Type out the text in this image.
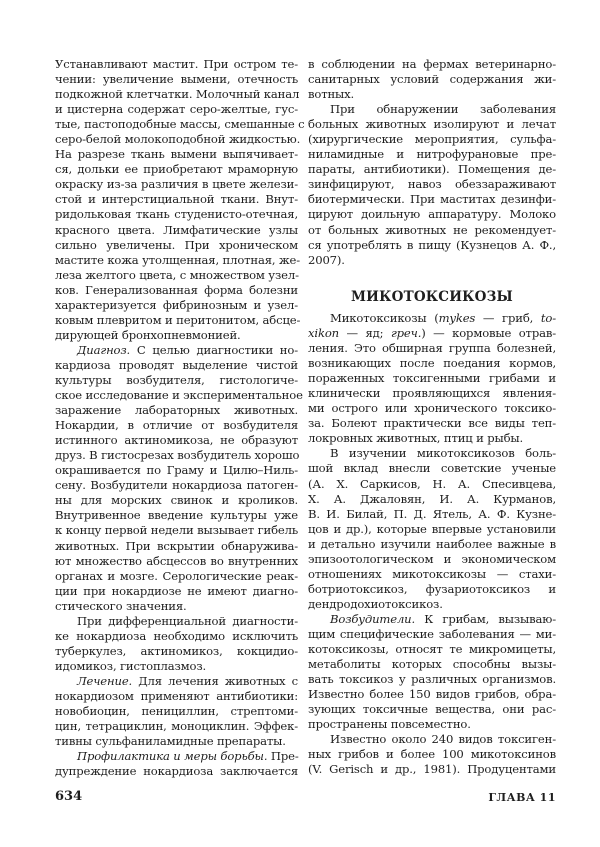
Устанавливают мастит. При остром те-
чении: увеличение вымени, отечность
подкожной клетчатки. Молочный канал
и цистерна содержат серо-желтые, гус-
тые, пастоподобные массы, смешанные с
серо-белой молокоподобной жидкостью.
На разрезе ткань вымени выпячивает-
ся, дольки ее приобретают мраморную
окраску из-за различия в цвете желези-
стой и интерстициальной ткани. Внут-
ридольковая ткань студенисто-отечная,
красного цвета. Лимфатические узлы
сильно увеличены. При хроническом
мастите кожа утолщенная, плотная, же-
леза желтого цвета, с множеством узел-
ков. Генерализованная форма болезни
характеризуется фибринозным и узел-
ковым плевритом и перитонитом, абсце-
дирующей бронхопневмонией.
Диагноз. С целью диагностики но-
кардиоза проводят выделение чистой
культуры возбудителя, гистологиче-
ское исследование и экспериментальное
заражение лабораторных животных.
Нокардии, в отличие от возбудителя
истинного актиномикоза, не образуют
друз. В гистосрезах возбудитель хорошо
окрашивается по Граму и Цилю–Ниль-
сену. Возбудители нокардиоза патоген-
ны для морских свинок и кроликов.
Внутривенное введение культуры уже
к концу первой недели вызывает гибель
животных. При вскрытии обнаружива-
ют множество абсцессов во внутренних
органах и мозге. Серологические реак-
ции при нокардиозе не имеют диагно-
стического значения.
При дифференциальной диагности-
ке нокардиоза необходимо исключить
туберкулез, актиномикоз, кокцидио-
идомикоз, гистоплазмоз.
Лечение. Для лечения животных с
нокардиозом применяют антибиотики:
новобиоцин, пенициллин, стрептоми-
цин, тетрациклин, моноциклин. Эффек-
тивны сульфаниламидные препараты.
Профилактика и меры борьбы. Пре-
дупреждение нокардиоза заключается
в соблюдении на фермах ветеринарно-
санитарных условий содержания жи-
вотных.
При обнаружении заболевания
больных животных изолируют и лечат
(хирургические мероприятия, сульфа-
ниламидные и нитрофурановые пре-
параты, антибиотики). Помещения де-
зинфицируют, навоз обеззараживают
биотермически. При маститах дезинфи-
цируют доильную аппаратуру. Молоко
от больных животных не рекомендует-
ся употреблять в пищу (Кузнецов А. Ф.,
2007).
МИКОТОКСИКОЗЫ
Микотоксикозы (mykes — гриб, to-
xikon — яд; греч.) — кормовые отрав-
ления. Это обширная группа болезней,
возникающих после поедания кормов,
пораженных токсигенными грибами и
клинически проявляющихся явления-
ми острого или хронического токсико-
за. Болеют практически все виды теп-
локровных животных, птиц и рыбы.
В изучении микотоксикозов боль-
шой вклад внесли советские ученые
(А. Х. Саркисов, Н. А. Спесивцева,
Х. А. Джаловян, И. А. Курманов,
В. И. Билай, П. Д. Ятель, А. Ф. Кузне-
цов и др.), которые впервые установили
и детально изучили наиболее важные в
эпизоотологическом и экономическом
отношениях микотоксикозы — стахи-
ботриотоксикоз, фузариотоксикоз и
дендродохиотоксикоз.
Возбудители. К грибам, вызываю-
щим специфические заболевания — ми-
котоксикозы, относят те микромицеты,
метаболиты которых способны вызы-
вать токсикоз у различных организмов.
Известно более 150 видов грибов, обра-
зующих токсичные вещества, они рас-
пространены повсеместно.
Известно около 240 видов токсиген-
ных грибов и более 100 микотоксинов
(V. Gerisch и др., 1981). Продуцентами
634	ГЛАВА 11
